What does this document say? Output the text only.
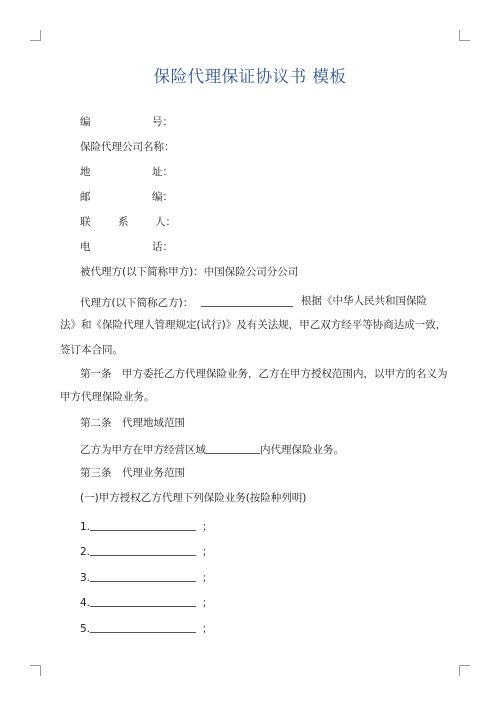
保险代理保证协议书 模板
编	号：
保险代理公司名称：
地	址：
邮	编：
联	系	人：
电	话：
被代理方(以下简称甲方)：中国保险公司分公司
代理方(以下简称乙方)：	根据《中华人民共和国保险
法》和《保险代理人管理规定(试行)》及有关法规，甲乙双方经平等协商达成一致，
签订本合同。
第一条　甲方委托乙方代理保险业务，乙方在甲方授权范围内，以甲方的名义为
甲方代理保险业务。
第二条　代理地域范围
乙方为甲方在甲方经营区域	内代理保险业务。
第三条　代理业务范围
(一)甲方授权乙方代理下列保险业务(按险种列明)
1.	；
2.	；
3.	；
4.	；
5.	；
